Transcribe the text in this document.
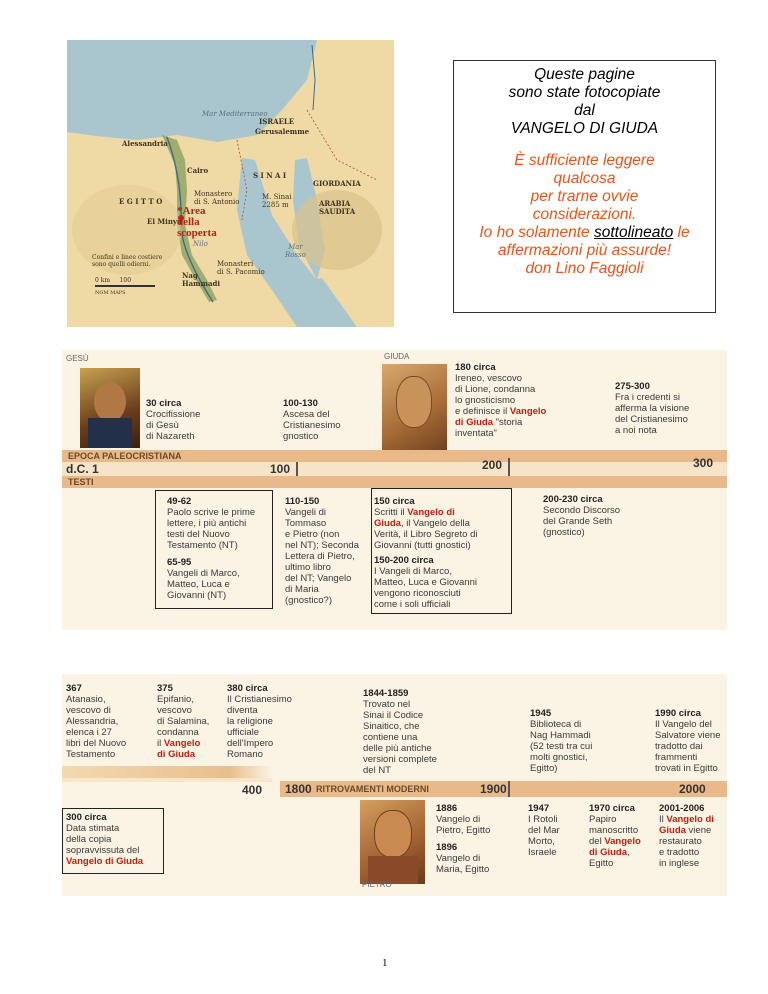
Mar Mediterraneo
ISRAELE
Gerusalemme
Alessandria
Cairo
S I N A I
GIORDANIA
E G I T T O
Monastero
di S. Antonio
M. Sinai
2285 m	ARABIA
SAUDITA
El Minya
*Area
della
scoperta
Nilo	Mar
Rosso
Confini e linee costiere
sono quelli odierni.
0 km     100
NGM MAPS
Nag
Hammadi
Monasteri
di S. Pacomio
Queste pagine
sono state fotocopiate
dal
VANGELO DI GIUDA
È sufficiente leggere
qualcosa
per trarne ovvie
considerazioni.
Io ho solamente sottolineato le
affermazioni più assurde!
don Lino Faggioli
GESÙ	GIUDA
30 circa
Crocifissione
di Gesù
di Nazareth
100-130
Ascesa del
Cristianesimo
gnostico
180 circa
Ireneo, vescovo
di Lione, condanna
lo gnosticismo
e definisce il Vangelo
di Giuda "storia
inventata"
275-300
Fra i credenti si
afferma la visione
del Cristianesimo
a noi nota
EPOCA PALEOCRISTIANA
d.C. 1
TESTI
100	200	300
49-62
Paolo scrive le prime
lettere, i più antichi
testi del Nuovo
Testamento (NT)
65-95
Vangeli di Marco,
Matteo, Luca e
Giovanni (NT)
110-150
Vangeli di
Tommaso
e Pietro (non
nel NT); Seconda
Lettera di Pietro,
ultimo libro
del NT; Vangelo
di Maria
(gnostico?)
150 circa
Scritti il Vangelo di
Giuda, il Vangelo della
Verità, il Libro Segreto di
Giovanni (tutti gnostici)
150-200 circa
I Vangeli di Marco,
Matteo, Luca e Giovanni
vengono riconosciuti
come i soli ufficiali
200-230 circa
Secondo Discorso
del Grande Seth
(gnostico)
367
Atanasio,
vescovo di
Alessandria,
elenca i 27
libri del Nuovo
Testamento
375
Epifanio,
vescovo
di Salamina,
condanna
il Vangelo
di Giuda
380 circa
Il Cristianesimo
diventa
la religione
ufficiale
dell'Impero
Romano
1844-1859
Trovato nel
Sinai il Codice
Sinaitico, che
contiene una
delle più antiche
versioni complete
del NT
1945
Biblioteca di
Nag Hammadi
(52 testi tra cui
molti gnostici,
Egitto)
1990 circa
Il Vangelo del
Salvatore viene
tradotto dai
frammenti
trovati in Egitto
400 1800 RITROVAMENTI MODERNI	1900	2000
300 circa
Data stimata
della copia
sopravvissuta del
Vangelo di Giuda
PIETRO
1886
Vangelo di
Pietro, Egitto
1896
Vangelo di
Maria, Egitto
1947
I Rotoli
del Mar
Morto,
Israele
1970 circa
Papiro
manoscritto
del Vangelo
di Giuda,
Egitto
2001-2006
Il Vangelo di
Giuda viene
restaurato
e tradotto
in inglese
1
